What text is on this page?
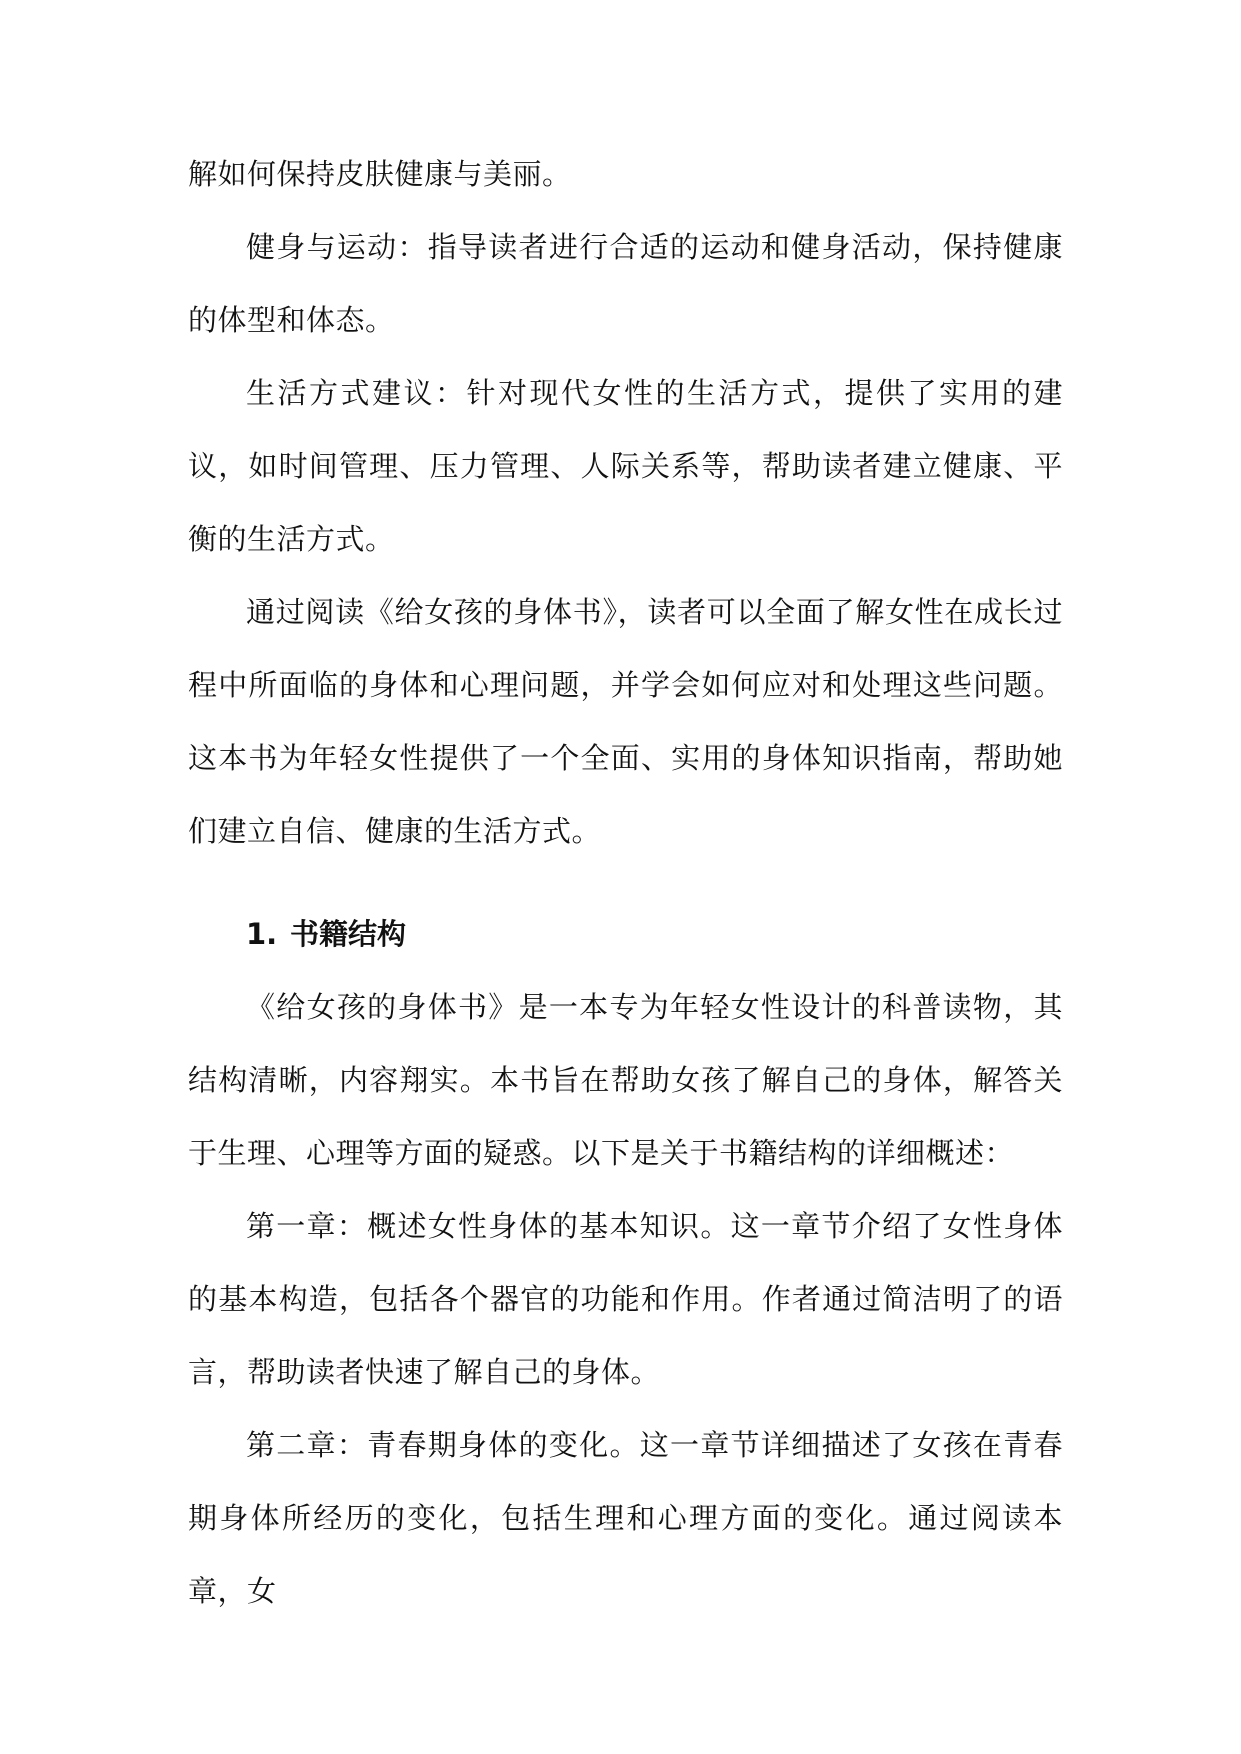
解如何保持皮肤健康与美丽。

健身与运动：指导读者进行合适的运动和健身活动，保持健康的体型和体态。

生活方式建议：针对现代女性的生活方式，提供了实用的建议，如时间管理、压力管理、人际关系等，帮助读者建立健康、平衡的生活方式。

通过阅读《给女孩的身体书》，读者可以全面了解女性在成长过程中所面临的身体和心理问题，并学会如何应对和处理这些问题。这本书为年轻女性提供了一个全面、实用的身体知识指南，帮助她们建立自信、健康的生活方式。

1. 书籍结构

《给女孩的身体书》是一本专为年轻女性设计的科普读物，其结构清晰，内容翔实。本书旨在帮助女孩了解自己的身体，解答关于生理、心理等方面的疑惑。以下是关于书籍结构的详细概述：

第一章：概述女性身体的基本知识。这一章节介绍了女性身体的基本构造，包括各个器官的功能和作用。作者通过简洁明了的语言，帮助读者快速了解自己的身体。

第二章：青春期身体的变化。这一章节详细描述了女孩在青春期身体所经历的变化，包括生理和心理方面的变化。通过阅读本章，女
